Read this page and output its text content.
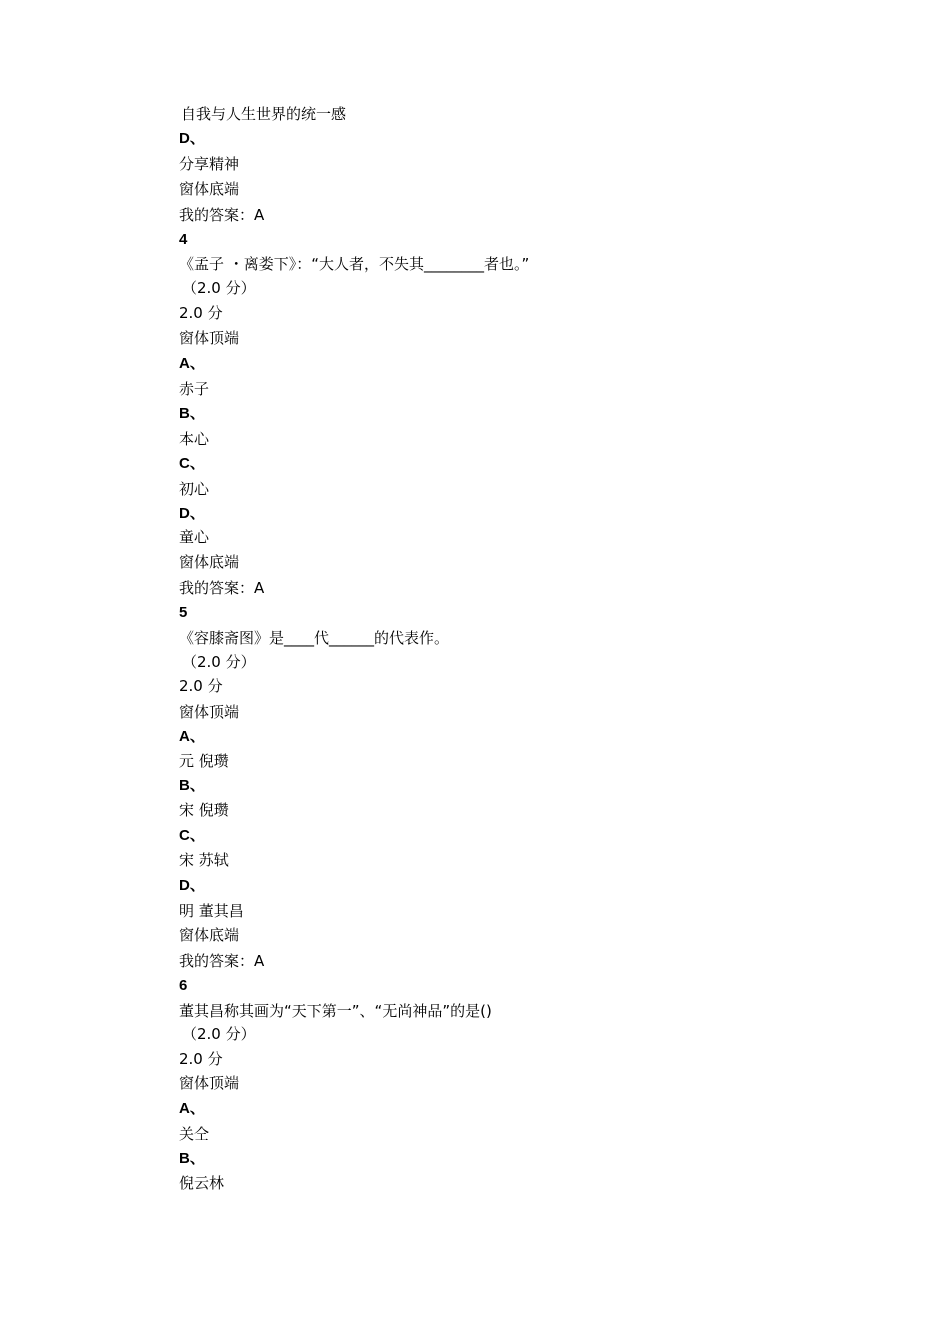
自我与人生世界的统一感
D、
分享精神
窗体底端
我的答案：A
4
《孟子 ・离娄下》：“大人者，不失其________者也。”
（2.0 分）
2.0 分
窗体顶端
A、
赤子
B、
本心
C、
初心
D、
童心
窗体底端
我的答案：A
5
《容膝斋图》是____代______的代表作。
（2.0 分）
2.0 分
窗体顶端
A、
元 倪瓒
B、
宋 倪瓒
C、
宋 苏轼
D、
明 董其昌
窗体底端
我的答案：A
6
董其昌称其画为“天下第一”、“无尚神品”的是()
（2.0 分）
2.0 分
窗体顶端
A、
关仝
B、
倪云林
